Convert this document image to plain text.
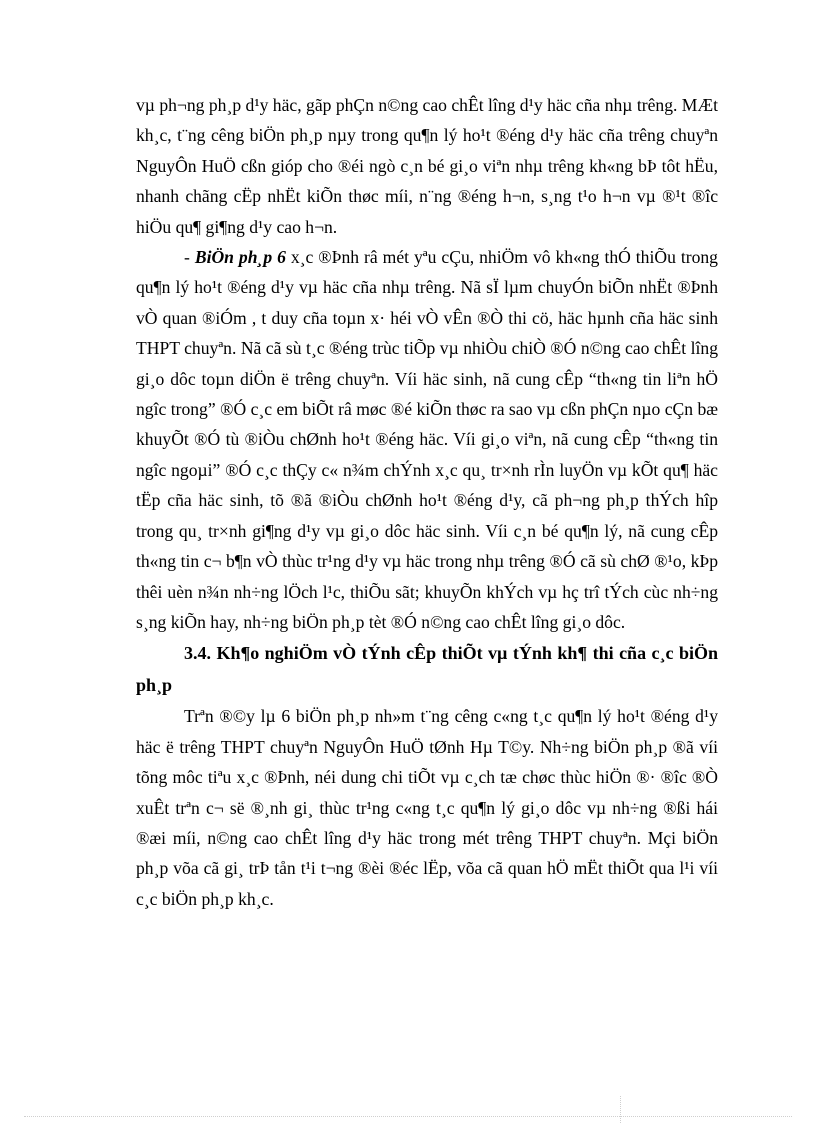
vµ ph¬ng ph¸p d¹y häc, gãp phÇn n©ng cao chÊt lîng d¹y häc cña nhµ trêng. MÆt kh¸c, t¨ng cêng biÖn ph¸p nµy trong qu¶n lý ho¹t ®éng d¹y häc cña trêng chuyªn NguyÔn HuÖ cßn gióp cho ®éi ngò c¸n bé gi¸o viªn nhµ trêng kh«ng bÞ tôt hËu, nhanh chãng cËp nhËt kiÕn thøc míi, n¨ng ®éng h¬n, s¸ng t¹o h¬n vµ ®¹t ®îc hiÖu qu¶ gi¶ng d¹y cao h¬n.

- BiÖn ph¸p 6 x¸c ®Þnh râ mét yªu cÇu, nhiÖm vô kh«ng thÓ thiÕu trong qu¶n lý ho¹t ®éng d¹y vµ häc cña nhµ trêng. Nã sÏ lµm chuyÓn biÕn nhËt ®Þnh vÒ quan ®iÓm , t duy cña toµn x· héi vÒ vÊn ®Ò thi cö, häc hµnh cña häc sinh THPT chuyªn. Nã cã sù t¸c ®éng trùc tiÕp vµ nhiÒu chiÒ ®Ó n©ng cao chÊt lîng gi¸o dôc toµn diÖn ë trêng chuyªn. Víi häc sinh, nã cung cÊp “th«ng tin liªn hÖ ngîc trong” ®Ó c¸c em biÕt râ møc ®é kiÕn thøc ra sao vµ cßn phÇn nµo cÇn bæ khuyÕt ®Ó tù ®iÒu chØnh ho¹t ®éng häc. Víi gi¸o viªn, nã cung cÊp “th«ng tin ngîc ngoµi” ®Ó c¸c thÇy c« n¾m chÝnh x¸c qu¸ tr×nh rÌn luyÖn vµ kÕt qu¶ häc tËp cña häc sinh, tõ ®ã ®iÒu chØnh ho¹t ®éng d¹y, cã ph¬ng ph¸p thÝch hîp trong qu¸ tr×nh gi¶ng d¹y vµ gi¸o dôc häc sinh. Víi c¸n bé qu¶n lý, nã cung cÊp th«ng tin c¬ b¶n vÒ thùc tr¹ng d¹y vµ häc trong nhµ trêng ®Ó cã sù chØ ®¹o, kÞp thêi uèn n¾n nh÷ng lÖch l¹c, thiÕu sãt; khuyÕn khÝch vµ hç trî tÝch cùc nh÷ng s¸ng kiÕn hay, nh÷ng biÖn ph¸p tèt ®Ó n©ng cao chÊt lîng gi¸o dôc.

3.4. Kh¶o nghiÖm vÒ tÝnh cÊp thiÕt vµ tÝnh kh¶ thi cña c¸c biÖn ph¸p

Trªn ®©y lµ 6 biÖn ph¸p nh»m t¨ng cêng c«ng t¸c qu¶n lý ho¹t ®éng d¹y häc ë trêng THPT chuyªn NguyÔn HuÖ tØnh Hµ T©y. Nh÷ng biÖn ph¸p ®ã víi tõng môc tiªu x¸c ®Þnh, néi dung chi tiÕt vµ c¸ch tæ chøc thùc hiÖn ®· ®îc ®Ò xuÊt trªn c¬ së ®¸nh gi¸ thùc tr¹ng c«ng t¸c qu¶n lý gi¸o dôc vµ nh÷ng ®ßi hái ®æi míi, n©ng cao chÊt lîng d¹y häc trong mét trêng THPT chuyªn. Mçi biÖn ph¸p võa cã gi¸ trÞ tån t¹i t¬ng ®èi ®éc lËp, võa cã quan hÖ mËt thiÕt qua l¹i víi c¸c biÖn ph¸p kh¸c.
